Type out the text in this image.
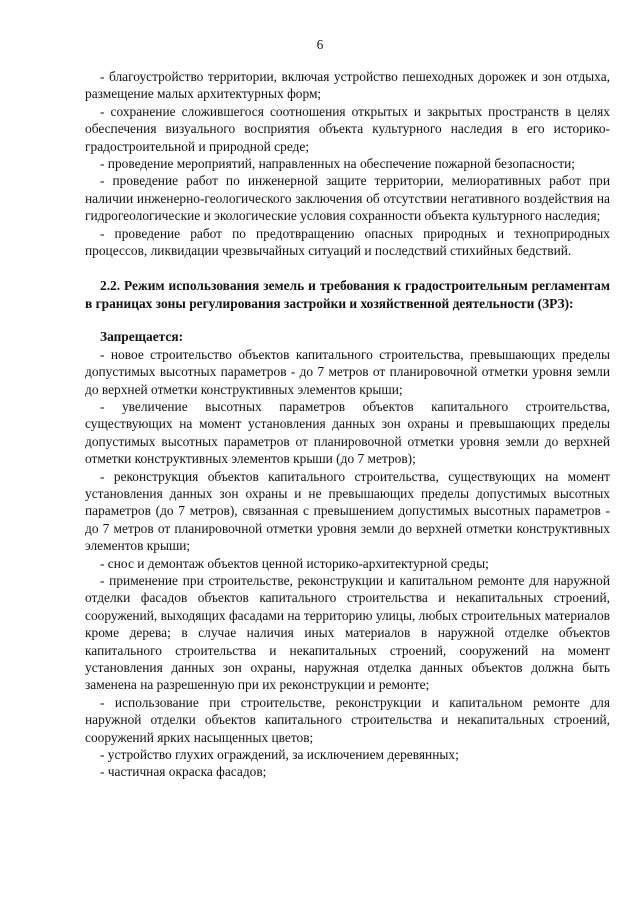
6

- благоустройство территории, включая устройство пешеходных дорожек и зон отдыха, размещение малых архитектурных форм;

- сохранение сложившегося соотношения открытых и закрытых пространств в целях обеспечения визуального восприятия объекта культурного наследия в его историко-градостроительной и природной среде;

- проведение мероприятий, направленных на обеспечение пожарной безопасности;

- проведение работ по инженерной защите территории, мелиоративных работ при наличии инженерно-геологического заключения об отсутствии негативного воздействия на гидрогеологические и экологические условия сохранности объекта культурного наследия;

- проведение работ по предотвращению опасных природных и техноприродных процессов, ликвидации чрезвычайных ситуаций и последствий стихийных бедствий.

2.2. Режим использования земель и требования к градостроительным регламентам в границах зоны регулирования застройки и хозяйственной деятельности (ЗРЗ):

Запрещается:

- новое строительство объектов капитального строительства, превышающих пределы допустимых высотных параметров - до 7 метров от планировочной отметки уровня земли до верхней отметки конструктивных элементов крыши;

- увеличение высотных параметров объектов капитального строительства, существующих на момент установления данных зон охраны и превышающих пределы допустимых высотных параметров от планировочной отметки уровня земли до верхней отметки конструктивных элементов крыши (до 7 метров);

- реконструкция объектов капитального строительства, существующих на момент установления данных зон охраны и не превышающих пределы допустимых высотных параметров (до 7 метров), связанная с превышением допустимых высотных параметров - до 7 метров от планировочной отметки уровня земли до верхней отметки конструктивных элементов крыши;

- снос и демонтаж объектов ценной историко-архитектурной среды;

- применение при строительстве, реконструкции и капитальном ремонте для наружной отделки фасадов объектов капитального строительства и некапитальных строений, сооружений, выходящих фасадами на территорию улицы, любых строительных материалов кроме дерева; в случае наличия иных материалов в наружной отделке объектов капитального строительства и некапитальных строений, сооружений на момент установления данных зон охраны, наружная отделка данных объектов должна быть заменена на разрешенную при их реконструкции и ремонте;

- использование при строительстве, реконструкции и капитальном ремонте для наружной отделки объектов капитального строительства и некапитальных строений, сооружений ярких насыщенных цветов;

- устройство глухих ограждений, за исключением деревянных;

- частичная окраска фасадов;
